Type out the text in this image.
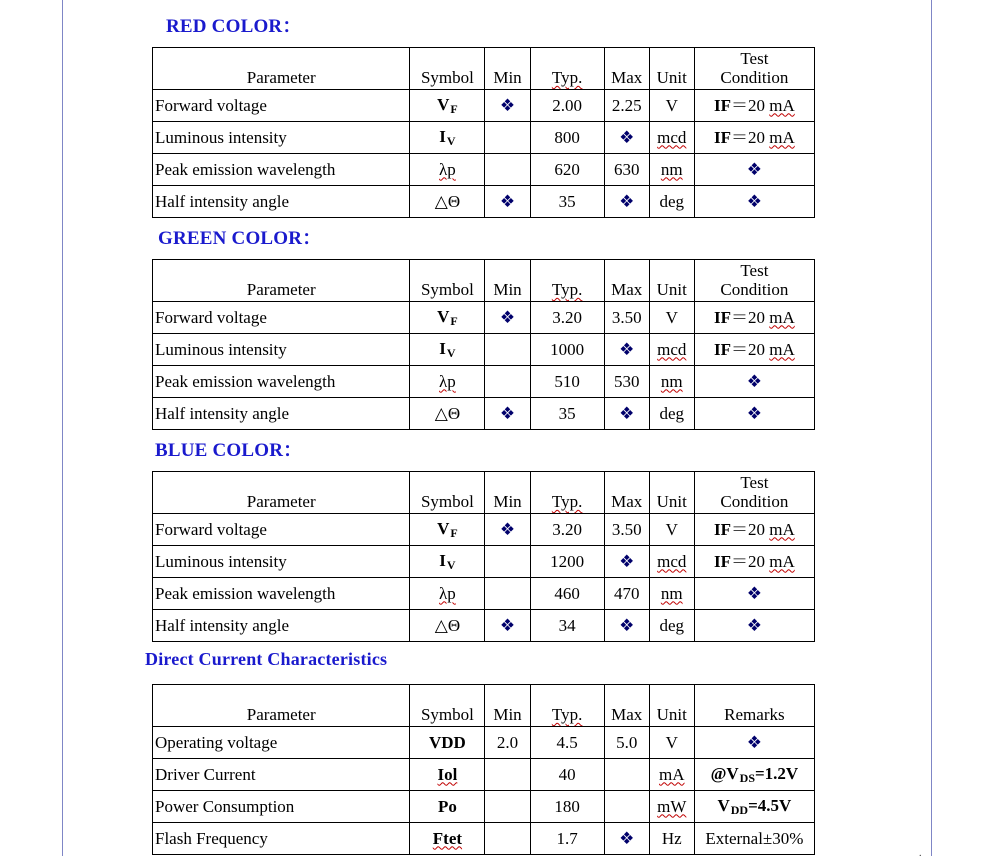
.
RED COLOR：
Parameter	Symbol	Min	Typ.	Max	Unit	Test
Condition

Forward voltage	VF	❖	2.00	2.25	V	IF＝20 mA
Luminous intensity	IV		800	❖	mcd	IF＝20 mA
Peak emission wavelength	λp		620	630	nm	❖
Half intensity angle	△Θ	❖	35	❖	deg	❖
GREEN COLOR：
Parameter	Symbol	Min	Typ.	Max	Unit	Test
Condition

Forward voltage	VF	❖	3.20	3.50	V	IF＝20 mA
Luminous intensity	IV		1000	❖	mcd	IF＝20 mA
Peak emission wavelength	λp		510	530	nm	❖
Half intensity angle	△Θ	❖	35	❖	deg	❖
BLUE COLOR：
Parameter	Symbol	Min	Typ.	Max	Unit	Test
Condition

Forward voltage	VF	❖	3.20	3.50	V	IF＝20 mA
Luminous intensity	IV		1200	❖	mcd	IF＝20 mA
Peak emission wavelength	λp		460	470	nm	❖
Half intensity angle	△Θ	❖	34	❖	deg	❖
Direct Current Characteristics
Parameter	Symbol	Min	Typ.	Max	Unit	Remarks
Operating voltage	VDD	2.0	4.5	5.0	V	❖
Driver Current	Iol		40		mA	@VDS=1.2V
Power Consumption	Po		180		mW	VDD=4.5V
Flash Frequency	Ftet		1.7	❖	Hz	External±30%
